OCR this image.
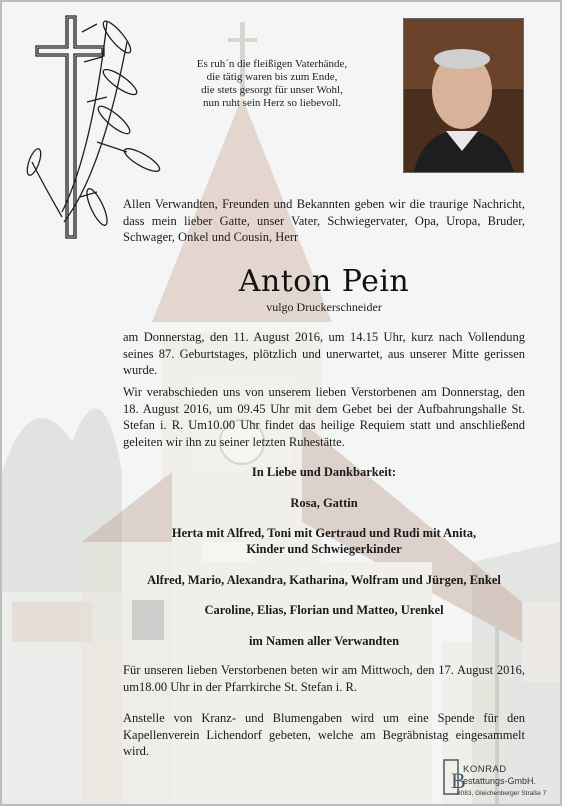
Es ruh´n die fleißigen Vaterhände,
die tätig waren bis zum Ende,
die stets gesorgt für unser Wohl,
nun ruht sein Herz so liebevoll.
Allen Verwandten, Freunden und Bekannten geben wir die traurige Nachricht, dass mein lieber Gatte, unser Vater, Schwiegervater, Opa, Uropa, Bruder, Schwager, Onkel und Cousin, Herr
Anton Pein
vulgo Druckerschneider
am Donnerstag, den 11. August 2016, um 14.15 Uhr, kurz nach Vollendung seines 87. Geburtstages, plötzlich und unerwartet, aus unserer Mitte gerissen wurde.
Wir verabschieden uns von unserem lieben Verstorbenen am Donnerstag, den 18. August 2016, um 09.45 Uhr mit dem Gebet bei der Aufbahrungshalle St. Stefan i. R. Um10.00 Uhr findet das heilige Requiem statt und anschließend geleiten wir ihn zu seiner letzten Ruhestätte.
In Liebe und Dankbarkeit:
Rosa, Gattin
Herta mit Alfred, Toni mit Gertraud und Rudi mit Anita,
Kinder und Schwiegerkinder
Alfred, Mario, Alexandra, Katharina, Wolfram und Jürgen, Enkel
Caroline, Elias, Florian und Matteo, Urenkel
im Namen aller Verwandten
Für unseren lieben Verstorbenen beten wir am Mittwoch, den 17. August 2016, um18.00 Uhr in der Pfarrkirche St. Stefan i. R.
Anstelle von Kranz- und Blumengaben wird um eine Spende für den Kapellenverein Lichendorf gebeten, welche am Begräbnistag eingesammelt wird.
B
KONRAD
estattungs-GmbH.
8083, Gleichenberger Straße 7
